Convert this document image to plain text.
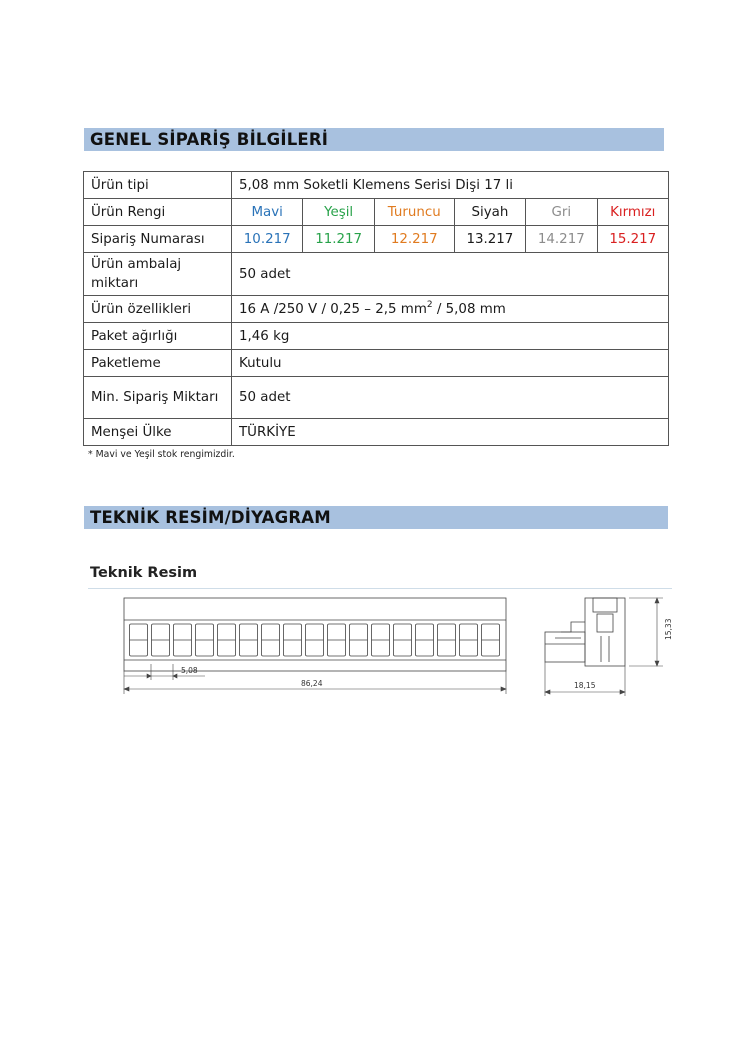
GENEL SİPARİŞ BİLGİLERİ
Ürün tipi	5,08 mm Soketli Klemens Serisi Dişi 17 li					
Ürün Rengi	Mavi	Yeşil	Turuncu	Siyah	Gri	Kırmızı
Sipariş Numarası	10.217	11.217	12.217	13.217	14.217	15.217
Ürün ambalaj miktarı	50 adet					
Ürün özellikleri	16 A /250 V / 0,25 – 2,5 $mm^2 / 5,08$ mm					
Paket ağırlığı	1,46 kg					
Paketleme	Kutulu					
Min. Sipariş Miktarı	50 adet					
Menşei Ülke	TÜRKİYE					
* Mavi ve Yeşil stok rengimizdir.
TEKNİK RESİM/DİYAGRAM
Teknik Resim
5,08
86,24
15,33
18,15
